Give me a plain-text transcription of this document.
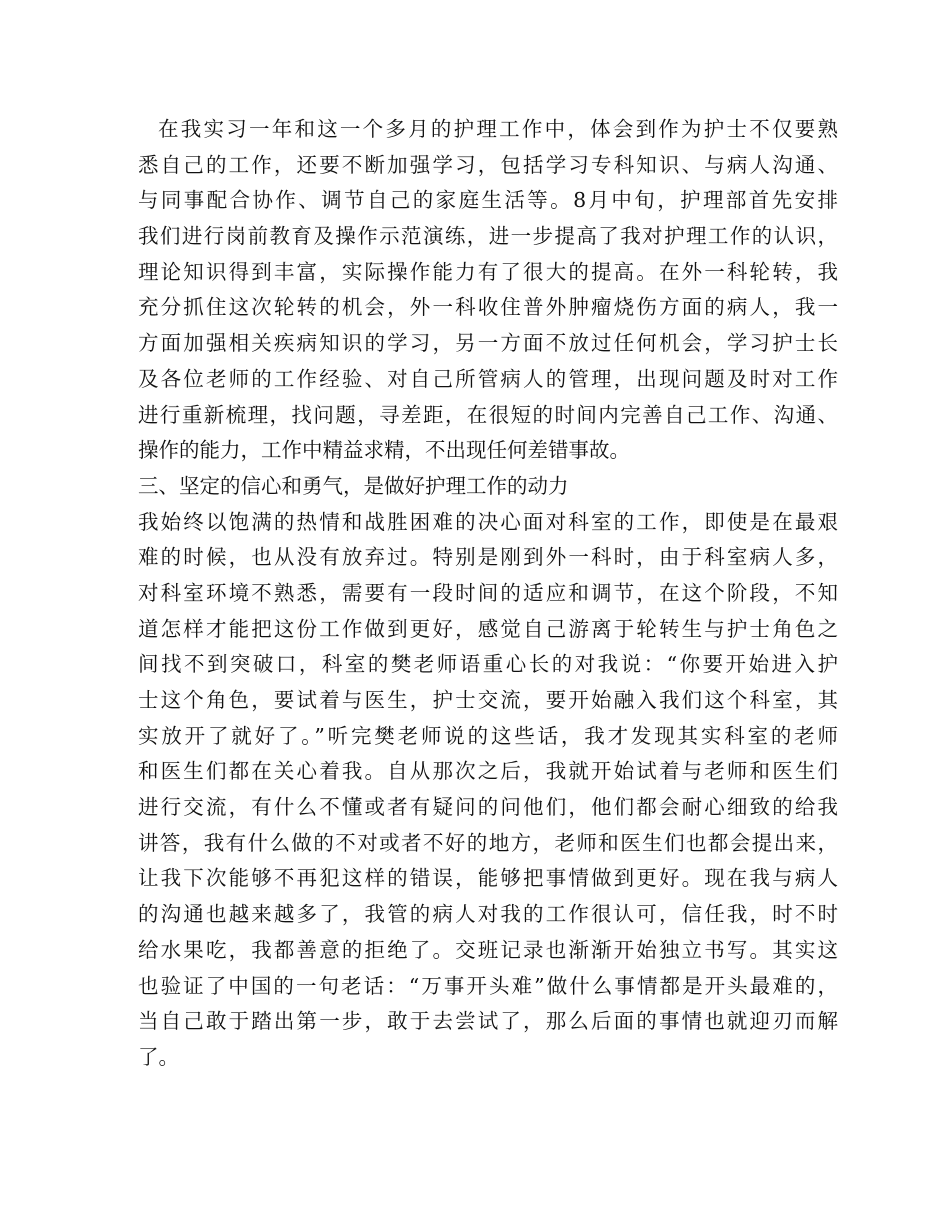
在我实习一年和这一个多月的护理工作中，体会到作为护士不仅要熟
悉自己的工作，还要不断加强学习，包括学习专科知识、与病人沟通、
与同事配合协作、调节自己的家庭生活等。8月中旬，护理部首先安排
我们进行岗前教育及操作示范演练，进一步提高了我对护理工作的认识，
理论知识得到丰富，实际操作能力有了很大的提高。在外一科轮转，我
充分抓住这次轮转的机会，外一科收住普外肿瘤烧伤方面的病人，我一
方面加强相关疾病知识的学习，另一方面不放过任何机会，学习护士长
及各位老师的工作经验、对自己所管病人的管理，出现问题及时对工作
进行重新梳理，找问题，寻差距，在很短的时间内完善自己工作、沟通、
操作的能力，工作中精益求精，不出现任何差错事故。
三、坚定的信心和勇气，是做好护理工作的动力
我始终以饱满的热情和战胜困难的决心面对科室的工作，即使是在最艰
难的时候，也从没有放弃过。特别是刚到外一科时，由于科室病人多，
对科室环境不熟悉，需要有一段时间的适应和调节，在这个阶段，不知
道怎样才能把这份工作做到更好，感觉自己游离于轮转生与护士角色之
间找不到突破口，科室的樊老师语重心长的对我说：“你要开始进入护
士这个角色，要试着与医生，护士交流，要开始融入我们这个科室，其
实放开了就好了。”听完樊老师说的这些话，我才发现其实科室的老师
和医生们都在关心着我。自从那次之后，我就开始试着与老师和医生们
进行交流，有什么不懂或者有疑问的问他们，他们都会耐心细致的给我
讲答，我有什么做的不对或者不好的地方，老师和医生们也都会提出来，
让我下次能够不再犯这样的错误，能够把事情做到更好。现在我与病人
的沟通也越来越多了，我管的病人对我的工作很认可，信任我，时不时
给水果吃，我都善意的拒绝了。交班记录也渐渐开始独立书写。其实这
也验证了中国的一句老话：“万事开头难”做什么事情都是开头最难的，
当自己敢于踏出第一步，敢于去尝试了，那么后面的事情也就迎刃而解
了。
